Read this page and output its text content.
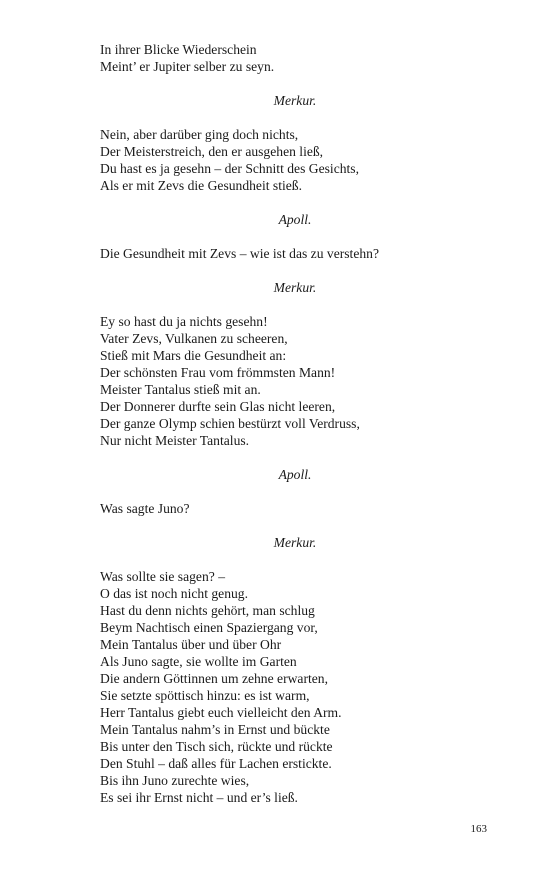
In ihrer Blicke Wiederschein
Meint’ er Jupiter selber zu seyn.
Merkur.
Nein, aber darüber ging doch nichts,
Der Meisterstreich, den er ausgehen ließ,
Du hast es ja gesehn – der Schnitt des Gesichts,
Als er mit Zevs die Gesundheit stieß.
Apoll.
Die Gesundheit mit Zevs – wie ist das zu verstehn?
Merkur.
Ey so hast du ja nichts gesehn!
Vater Zevs, Vulkanen zu scheeren,
Stieß mit Mars die Gesundheit an:
Der schönsten Frau vom frömmsten Mann!
Meister Tantalus stieß mit an.
Der Donnerer durfte sein Glas nicht leeren,
Der ganze Olymp schien bestürzt voll Verdruss,
Nur nicht Meister Tantalus.
Apoll.
Was sagte Juno?
Merkur.
Was sollte sie sagen? –
O das ist noch nicht genug.
Hast du denn nichts gehört, man schlug
Beym Nachtisch einen Spaziergang vor,
Mein Tantalus über und über Ohr
Als Juno sagte, sie wollte im Garten
Die andern Göttinnen um zehne erwarten,
Sie setzte spöttisch hinzu: es ist warm,
Herr Tantalus giebt euch vielleicht den Arm.
Mein Tantalus nahm’s in Ernst und bückte
Bis unter den Tisch sich, rückte und rückte
Den Stuhl – daß alles für Lachen erstickte.
Bis ihn Juno zurechte wies,
Es sei ihr Ernst nicht – und er’s ließ.
163
